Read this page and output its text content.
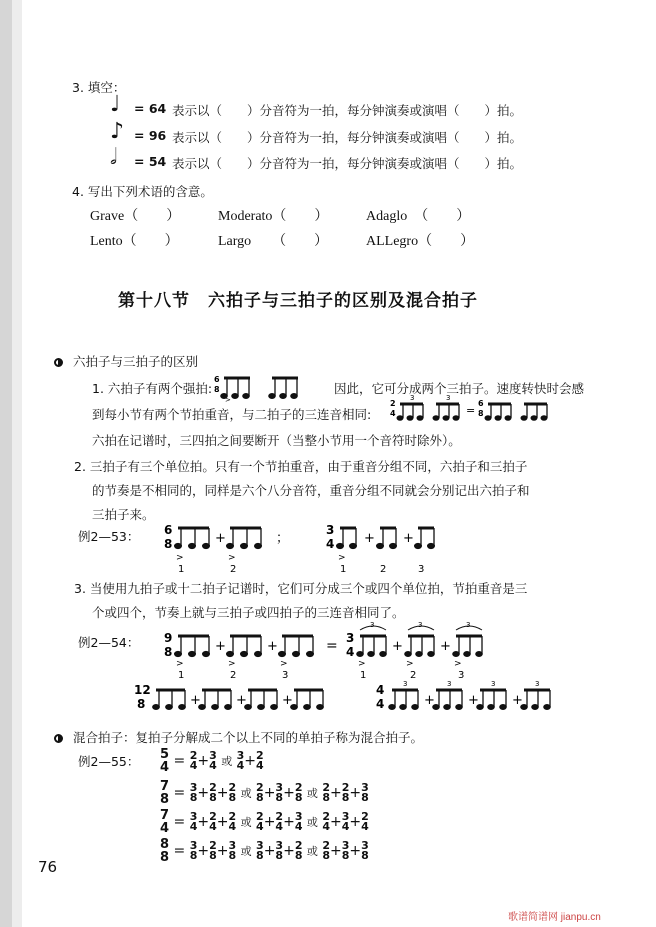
3. 填空：
♩ = 64 表示以（　　）分音符为一拍，每分钟演奏或演唱（　　）拍。
♪ = 96 表示以（　　）分音符为一拍，每分钟演奏或演唱（　　）拍。
𝅗𝅥 = 54 表示以（　　）分音符为一拍，每分钟演奏或演唱（　　）拍。
4. 写出下列术语的含意。
Grave（　　）	Moderato（　　）	Adaglo　（　　）
Lento（　　）	Largo　　（　　）	ALLegro（　　）
第十八节　六拍子与三拍子的区别及混合拍子
六拍子与三拍子的区别
1. 六拍子有两个强拍:
6
8
>
因此，它可分成两个三拍子。速度转快时会感
到每小节有两个节拍重音，与二拍子的三连音相同:
2
4
3	3
=
6
8
六拍在记谱时，三四拍之间要断开（当整小节用一个音符时除外）。
2. 三拍子有三个单位拍。只有一个节拍重音，由于重音分组不同，六拍子和三拍子
的节奏是不相同的，同样是六个八分音符，重音分组不同就会分别记出六拍子和
三拍子来。
例2—53： 6
8	+
>	>
1	2
；
3
4 + +
>
1	2	3
3. 当使用九拍子或十二拍子记谱时，它们可分成三个或四个单位拍，节拍重音是三
个或四个，节奏上就与三拍子或四拍子的三连音相同了。
例2—54： 9
8	+	+
>	>	>
1	2	3
= 3
4
3	3	3
+	+
>	>	>
1	2	3
12
8	+	+	+
4
4
3	3	3	3
+	+	+
混合拍子：复拍子分解成二个以上不同的单拍子称为混合拍子。
例2—55： 5
4 = 2
4 + 3
4 或 3
4 + 2
4
7
8 = 3
8 + 2
8 + 2
8 或 2
8 + 3
8 + 2
8 或 2
8 + 2
8 + 3
8
7
4 = 3
4 + 2
4 + 2
4 或 2
4 + 2
4 + 3
4 或 2
4 + 3
4 + 2
4
8
8 = 3
8 + 2
8 + 3
8 或 3
8 + 3
8 + 2
8 或 2
8 + 3
8 + 3
8
76
歌谱简谱网 jianpu.cn
